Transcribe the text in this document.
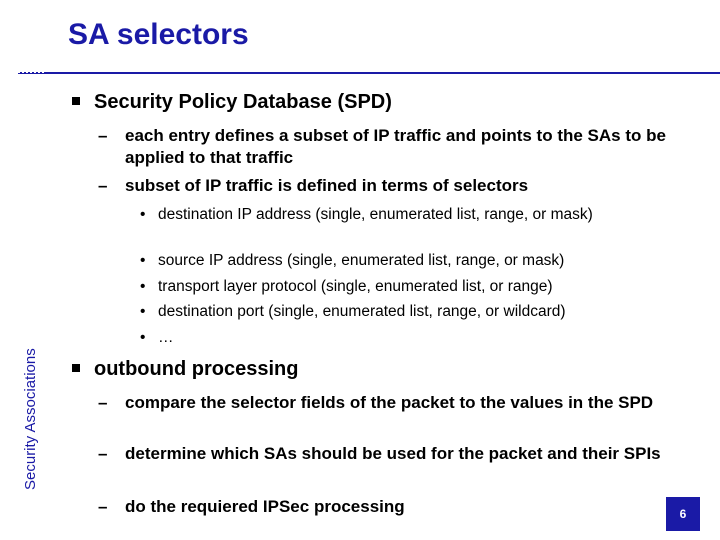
SA selectors
Security Associations
Security Policy Database (SPD)
– each entry defines a subset of IP traffic and points to the SAs to be applied to that traffic
– subset of IP traffic is defined in terms of selectors
• destination IP address (single, enumerated list, range, or mask)
• source IP address (single, enumerated list, range, or mask)
• transport layer protocol (single, enumerated list, or range)
• destination port (single, enumerated list, range, or wildcard)
• …
outbound processing
– compare the selector fields of the packet to the values in the SPD
– determine which SAs should be used for the packet and their SPIs
– do the requiered IPSec processing	6
